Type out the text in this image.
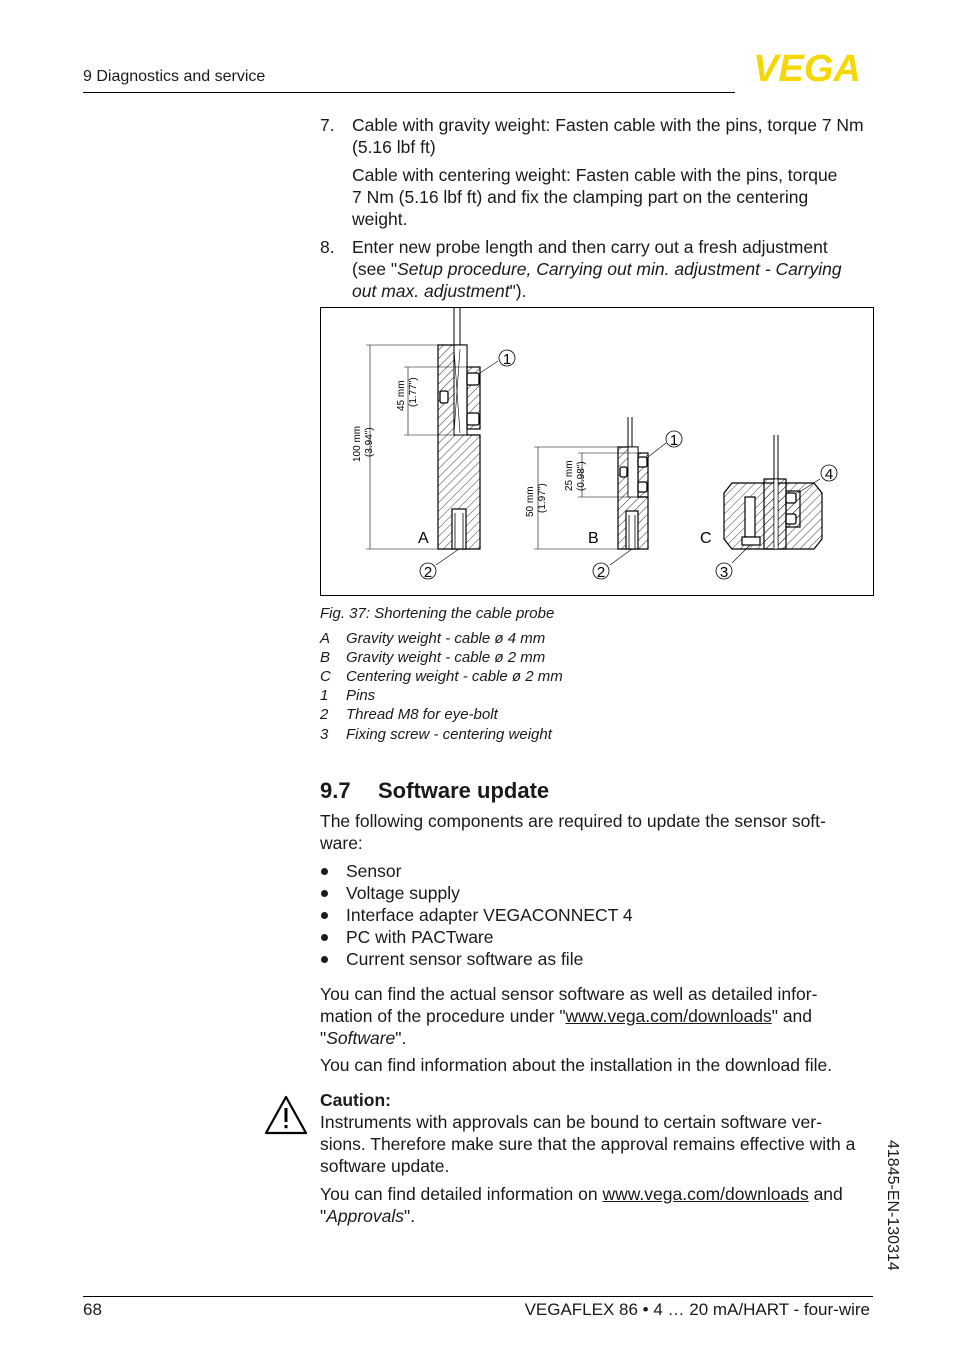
9 Diagnostics and service	VEGA
7. Cable with gravity weight: Fasten cable with the pins, torque 7 Nm
(5.16 lbf ft)
Cable with centering weight: Fasten cable with the pins, torque
7 Nm (5.16 lbf ft) and fix the clamping part on the centering
weight.
8. Enter new probe length and then carry out a fresh adjustment
(see "Setup procedure, Carrying out min. adjustment - Carrying
out max. adjustment").
100 mm (3.94")
45 mm (1.77")
A
1
2
50 mm (1.97")
25 mm (0.98")
B
1
2
C
3
4
Fig. 37: Shortening the cable probe
A Gravity weight - cable ø 4 mm
B Gravity weight - cable ø 2 mm
C Centering weight - cable ø 2 mm
1 Pins
2 Thread M8 for eye-bolt
3 Fixing screw - centering weight
9.7 Software update
The following components are required to update the sensor soft-
ware:
Sensor
Voltage supply
Interface adapter VEGACONNECT 4
PC with PACTware
Current sensor software as file
You can find the actual sensor software as well as detailed infor-
mation of the procedure under "www.vega.com/downloads" and
"Software".
You can find information about the installation in the download file.
Caution:
Instruments with approvals can be bound to certain software ver-
sions. Therefore make sure that the approval remains effective with a
software update.
You can find detailed information on www.vega.com/downloads and
"Approvals".	41845-EN-130314
68	VEGAFLEX 86 • 4 … 20 mA/HART - four-wire
